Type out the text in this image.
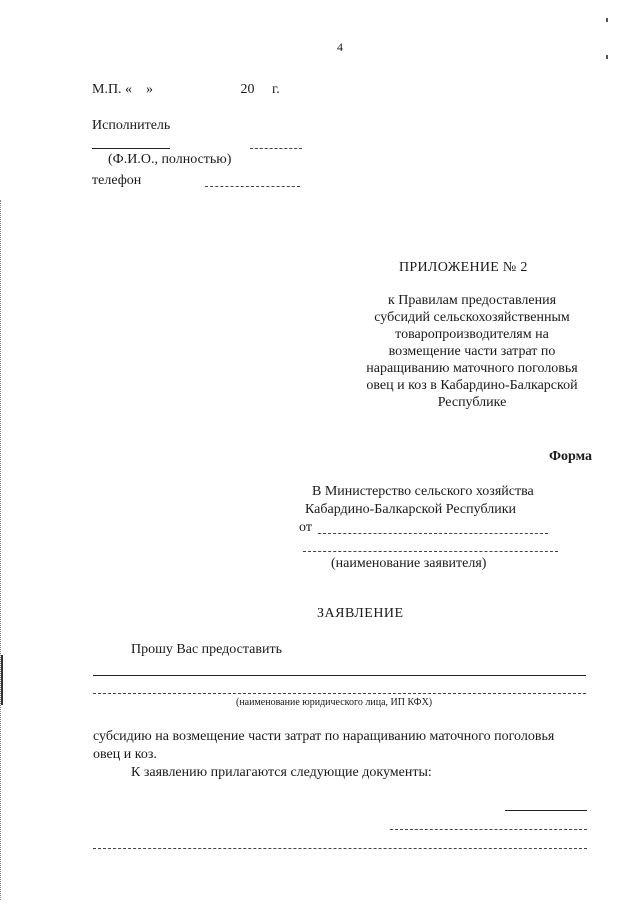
4
М.П. «    »                         20     г.
Исполнитель
(Ф.И.О., полностью)
телефон
ПРИЛОЖЕНИЕ № 2
к Правилам предоставления
субсидий сельскохозяйственным
товаропроизводителям на
возмещение части затрат по
наращиванию маточного поголовья
овец и коз в Кабардино-Балкарской
Республике
Форма
В Министерство сельского хозяйства
Кабардино-Балкарской Республики
от
(наименование заявителя)
ЗАЯВЛЕНИЕ
Прошу Вас предоставить
(наименование юридического лица, ИП КФХ)
субсидию на возмещение части затрат по наращиванию маточного поголовья
овец и коз.
К заявлению прилагаются следующие документы:
